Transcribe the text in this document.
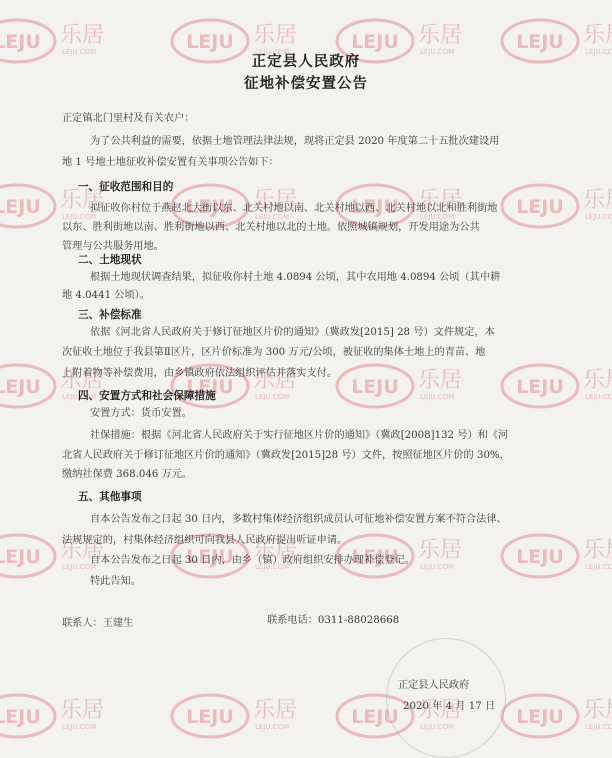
正定县人民政府
征地补偿安置公告
正定镇北门里村及有关农户：
为了公共利益的需要，依据土地管理法律法规，现将正定县 2020 年度第二十五批次建设用
地 1 号地土地征收补偿安置有关事项公告如下：
一、征收范围和目的
拟征收你村位于燕赵北大街以东、北关村地以南、北关村地以西、北关村地以北和胜利街地
以东、胜利街地以南、胜利街地以西、北关村地以北的土地。依照城镇规划，开发用途为公共
管理与公共服务用地。
二、土地现状
根据土地现状调查结果，拟征收你村土地 4.0894 公顷，其中农用地 4.0894 公顷（其中耕
地 4.0441 公顷）。
三、补偿标准
依据《河北省人民政府关于修订征地区片价的通知》（冀政发[2015] 28 号）文件规定，本
次征收土地位于我县第Ⅱ区片，区片价标准为 300 万元/公顷，被征收的集体土地上的青苗、地
上附着物等补偿费用，由乡镇政府依法组织评估并落实支付。
四、安置方式和社会保障措施
安置方式：货币安置。
社保措施：根据《河北省人民政府关于实行征地区片价的通知》（冀政[2008]132 号）和《河
北省人民政府关于修订征地区片价的通知》（冀政发[2015]28 号）文件，按照征地区片价的 30%，
缴纳社保费 368.046 万元。
五、其他事项
自本公告发布之日起 30 日内，多数村集体经济组织成员认可征地补偿安置方案不符合法律、
法规规定的，村集体经济组织可向我县人民政府提出听证申请。
自本公告发布之日起 30 日内，由乡（镇）政府组织安排办理补偿登记。
特此告知。
联系人：王建生	联系电话：0311-88028668
正定县人民政府
2020 年 4 月 17 日
